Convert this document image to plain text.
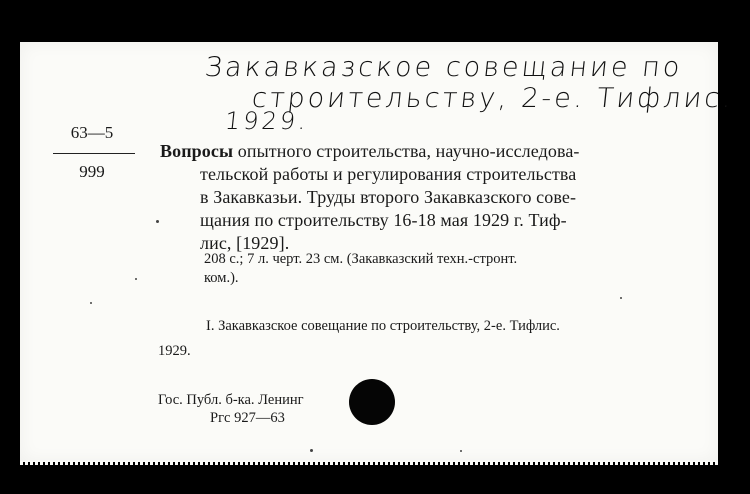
Закавказское совещание по
строительству, 2-е. Тифлис.
1929.
63—5
999
Вопросы опытного строительства, научно-исследова-
тельской работы и регулирования строительства
в Закавказьи. Труды второго Закавказского сове-
щания по строительству 16-18 мая 1929 г. Тиф-
лис, [1929].
208 с.; 7 л. черт. 23 см. (Закавказский техн.-стронт.
ком.).
I. Закавказское совещание по строительству, 2-е. Тифлис.
1929.
Гос. Публ. б-ка. Ленинг
Ргс 927—63
